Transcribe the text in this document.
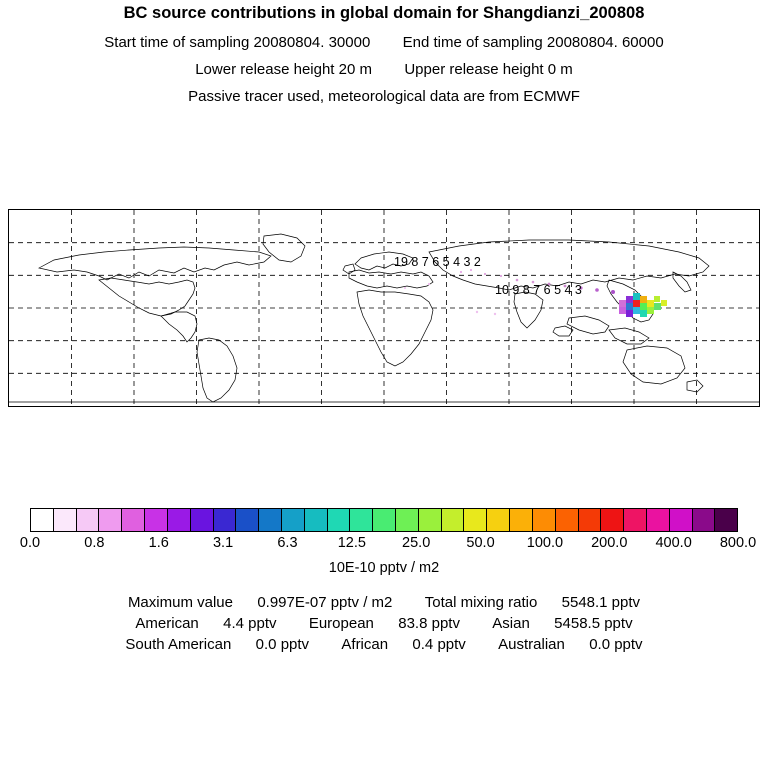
BC source contributions in global domain for Shangdianzi_200808
Start time of sampling 20080804. 30000 End time of sampling 20080804. 60000
Lower release height 20 m Upper release height 0 m
Passive tracer used, meteorological data are from ECMWF
19 8 7 6 5 4 3 2
10 9 8 7 6 5 4 3
0.0	0.8	1.6	3.1	6.3	12.5 25.0 50.0 100.0 200.0 400.0 800.0
10E-10 pptv / m2
Maximum value 0.997E-07 pptv / m2 Total mixing ratio 5548.1 pptv
American 4.4 pptv European 83.8 pptv Asian 5458.5 pptv
South American 0.0 pptv African 0.4 pptv Australian 0.0 pptv
